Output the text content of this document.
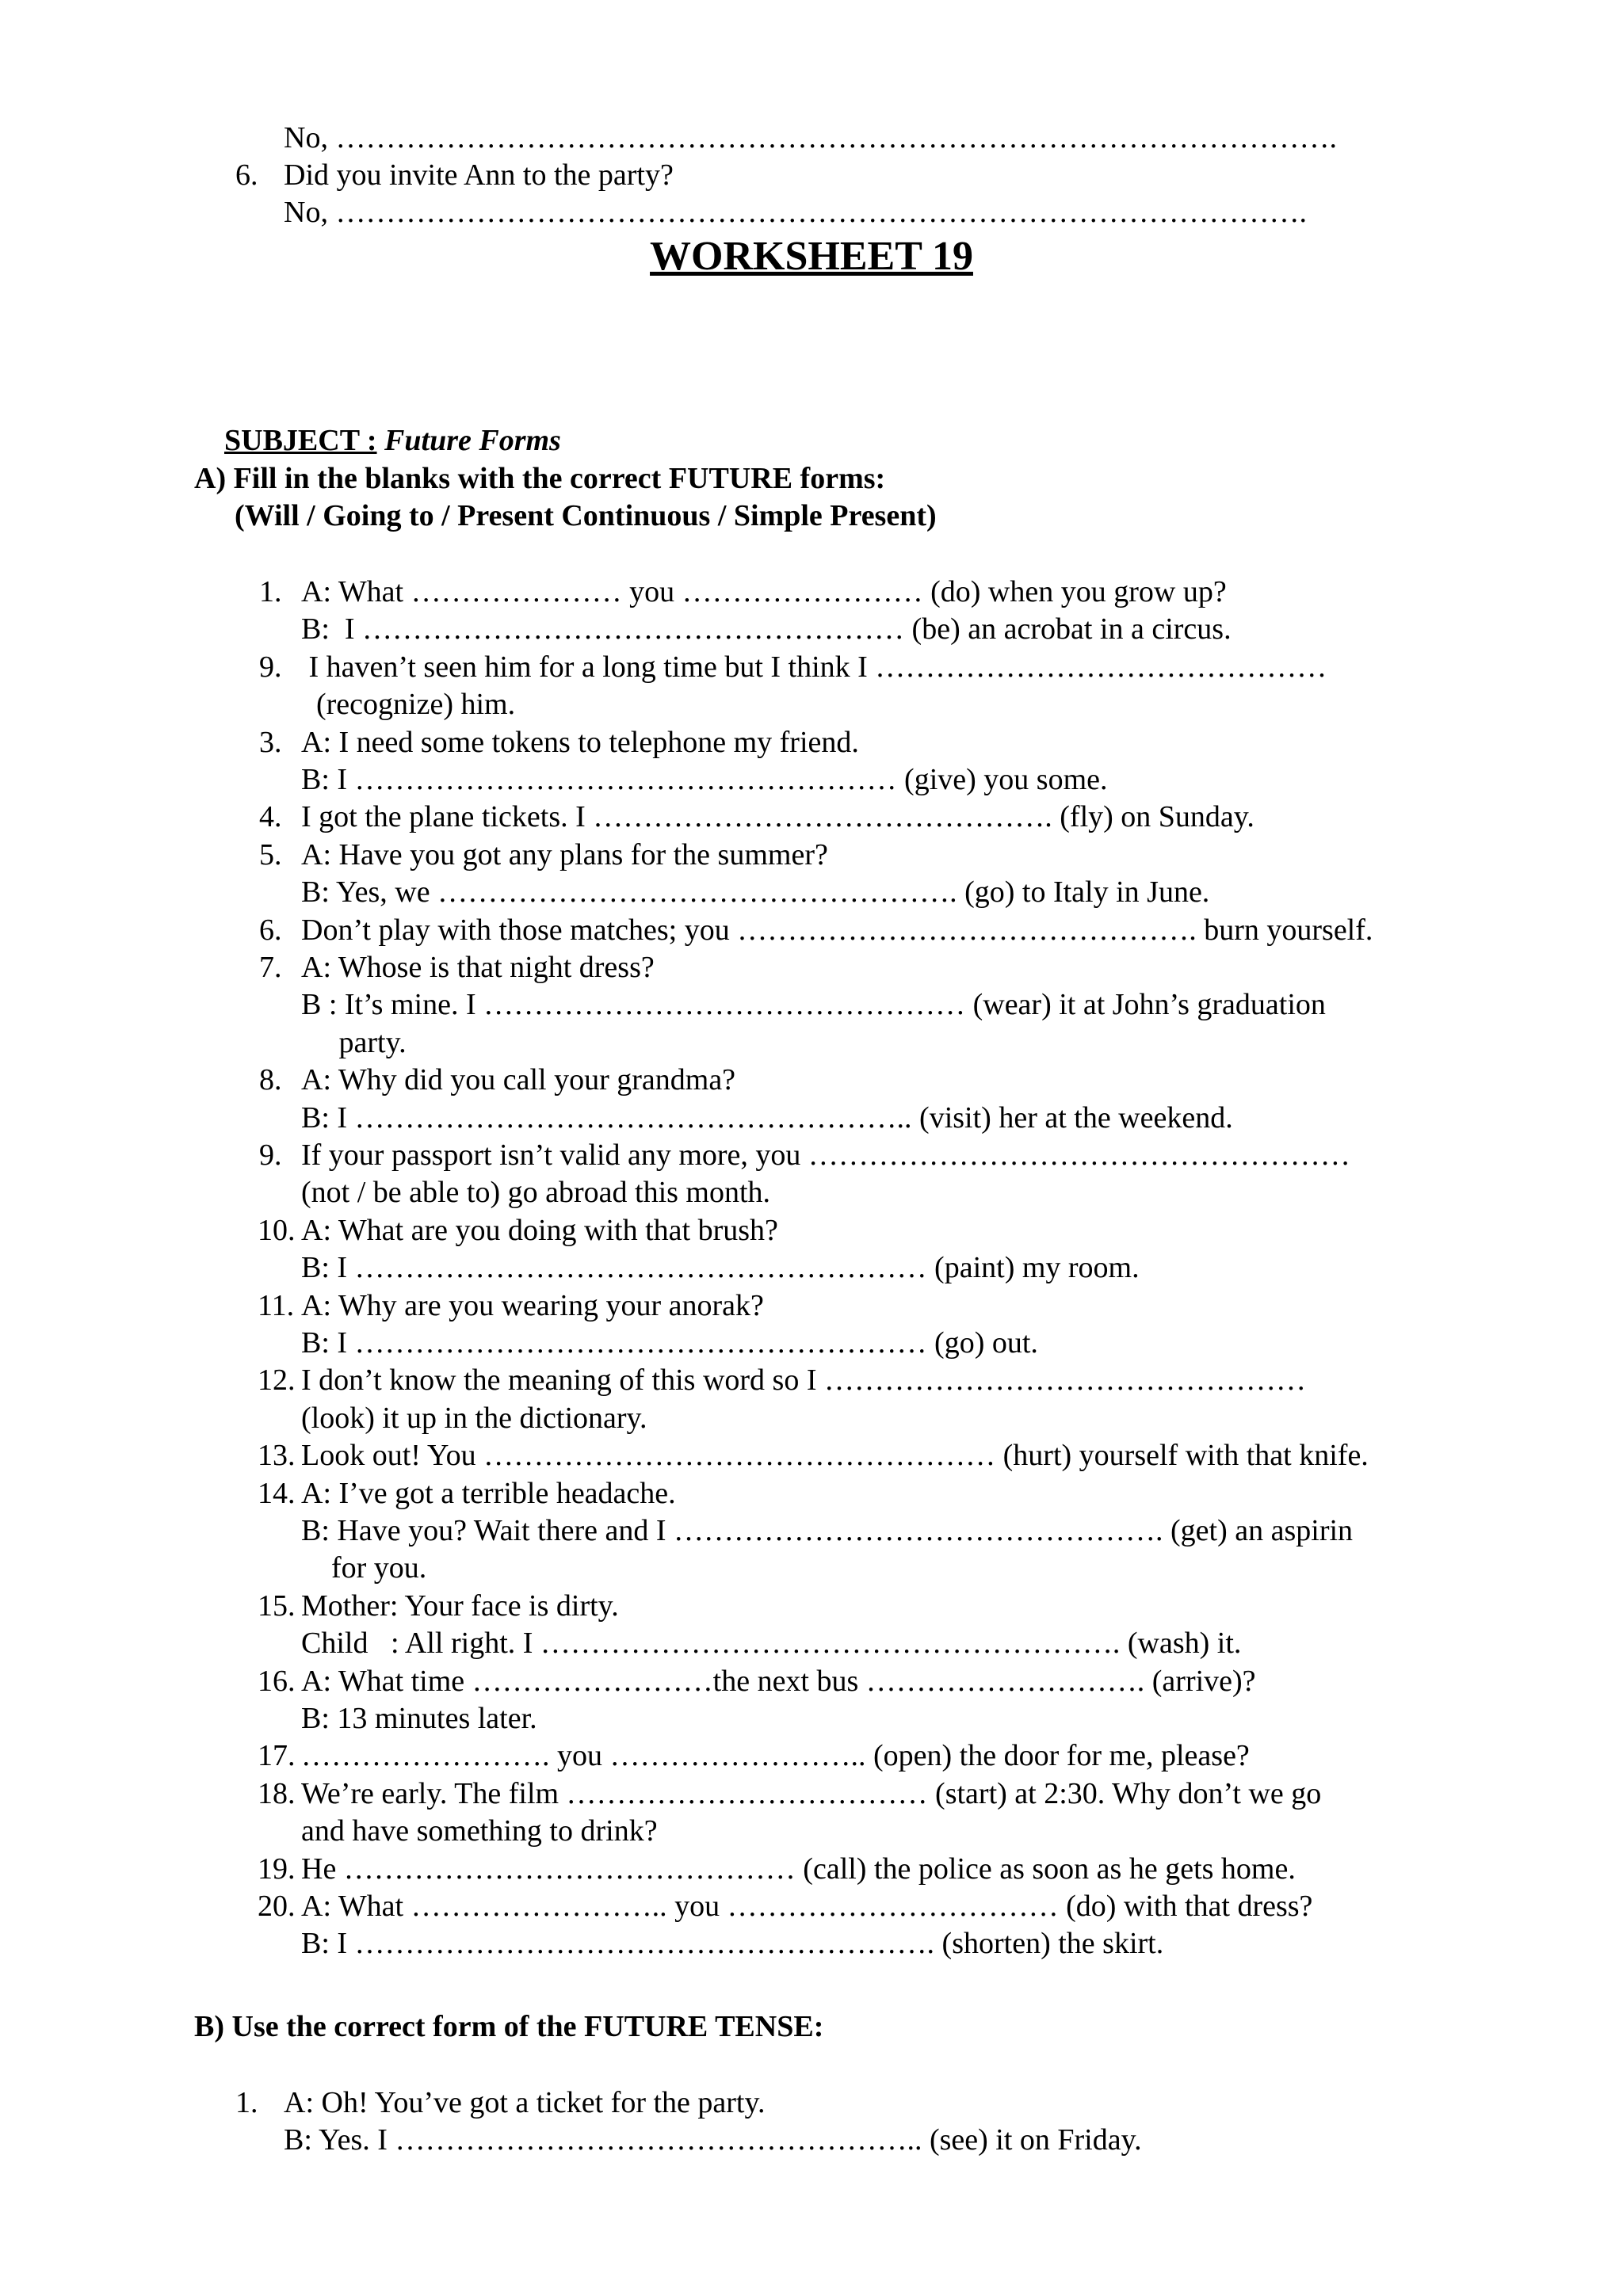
No, ……………………………………………………………………………………….
6. Did you invite Ann to the party?
No, …………………………………………………………………………………….
WORKSHEET 19

SUBJECT : Future Forms

A) Fill in the blanks with the correct FUTURE forms:
(Will / Going to / Present Continuous / Simple Present)
1. A: What ………………… you …………………… (do) when you grow up?
B:  I ……………………………………………… (be) an acrobat in a circus.
9. I haven’t seen him for a long time but I think I ………………………………………
(recognize) him.
3. A: I need some tokens to telephone my friend.
B: I ……………………………………………… (give) you some.
4. I got the plane tickets. I ………………………………………. (fly) on Sunday.
5. A: Have you got any plans for the summer?
B: Yes, we ……………………………………………. (go) to Italy in June.
6. Don’t play with those matches; you ………………………………………. burn yourself.
7. A: Whose is that night dress?
B : It’s mine. I ………………………………………… (wear) it at John’s graduation
party.
8. A: Why did you call your grandma?
B: I ……………………………………………….. (visit) her at the weekend.
9. If your passport isn’t valid any more, you ………………………………………………
(not / be able to) go abroad this month.
10. A: What are you doing with that brush?
B: I ………………………………………………… (paint) my room.
11. A: Why are you wearing your anorak?
B: I ………………………………………………… (go) out.
12. I don’t know the meaning of this word so I …………………………………………
(look) it up in the dictionary.
13. Look out! You …………………………………………… (hurt) yourself with that knife.
14. A: I’ve got a terrible headache.
B: Have you? Wait there and I …………………………………………. (get) an aspirin
for you.
15. Mother: Your face is dirty.
Child   : All right. I …………………………………………………. (wash) it.
16. A: What time ……………………the next bus ………………………. (arrive)?
B: 13 minutes later.
17. ……………………. you …………………….. (open) the door for me, please?
18. We’re early. The film ……………………………… (start) at 2:30. Why don’t we go
and have something to drink?
19. He ……………………………………… (call) the police as soon as he gets home.
20. A: What …………………….. you …………………………… (do) with that dress?
B: I …………………………………………………. (shorten) the skirt.
B) Use the correct form of the FUTURE TENSE:
1. A: Oh! You’ve got a ticket for the party.
B: Yes. I …………………………………………….. (see) it on Friday.
